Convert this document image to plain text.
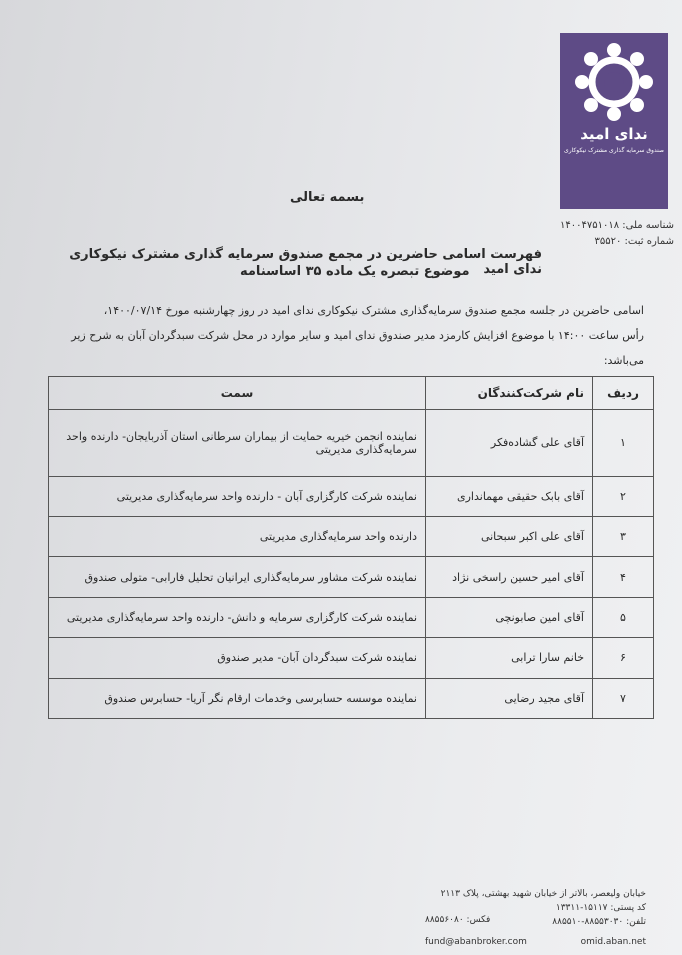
ندای امید
صندوق سرمایه گذاری مشترک نیکوکاری
شناسه ملی: ۱۴۰۰۴۷۵۱۰۱۸
شماره ثبت: ۳۵۵۲۰
بسمه تعالی
فهرست اسامی حاضرین در مجمع صندوق سرمایه گذاری مشترک نیکوکاری ندای امید
موضوع تبصره یک ماده ۳۵ اساسنامه
اسامی حاضرین در جلسه مجمع صندوق سرمایه‌گذاری مشترک نیکوکاری ندای امید در روز چهارشنبه مورخ ۱۴۰۰/۰۷/۱۴،
رأس ساعت ۱۴:۰۰ با موضوع افزایش کارمزد مدیر صندوق ندای امید و سایر موارد در محل شرکت سبدگردان آبان به شرح زیر
می‌باشد:
ردیف	نام شرکت‌کنندگان	سمت
۱	آقای علی گشاده‌فکر	نماینده انجمن خیریه حمایت از بیماران سرطانی استان آذربایجان- دارنده واحد سرمایه‌گذاری مدیریتی
۲	آقای بابک حقیقی مهمانداری	نماینده شرکت کارگزاری آبان - دارنده واحد سرمایه‌گذاری مدیریتی
۳	آقای علی اکبر سبحانی	دارنده واحد سرمایه‌گذاری مدیریتی
۴	آقای امیر حسین راسخی نژاد	نماینده شرکت مشاور سرمایه‌گذاری ایرانیان تحلیل فارابی- متولی صندوق
۵	آقای امین صابونچی	نماینده شرکت کارگزاری سرمایه و دانش- دارنده واحد سرمایه‌گذاری مدیریتی
۶	خانم سارا ترابی	نماینده شرکت سبدگردان آبان- مدیر صندوق
۷	آقای مجید رضایی	نماینده موسسه حسابرسی وخدمات ارقام نگر آریا- حسابرس صندوق
خیابان ولیعصر، بالاتر از خیابان شهید بهشتی، پلاک ۲۱۱۳
کد پستی: ۱۵۱۱۷-۱۳۳۱۱
تلفن: ۸۸۵۵۳۰۳۰-۸۸۵۵۱۰
فکس: ۸۸۵۵۶۰۸۰
fund@abanbroker.com	omid.aban.net
